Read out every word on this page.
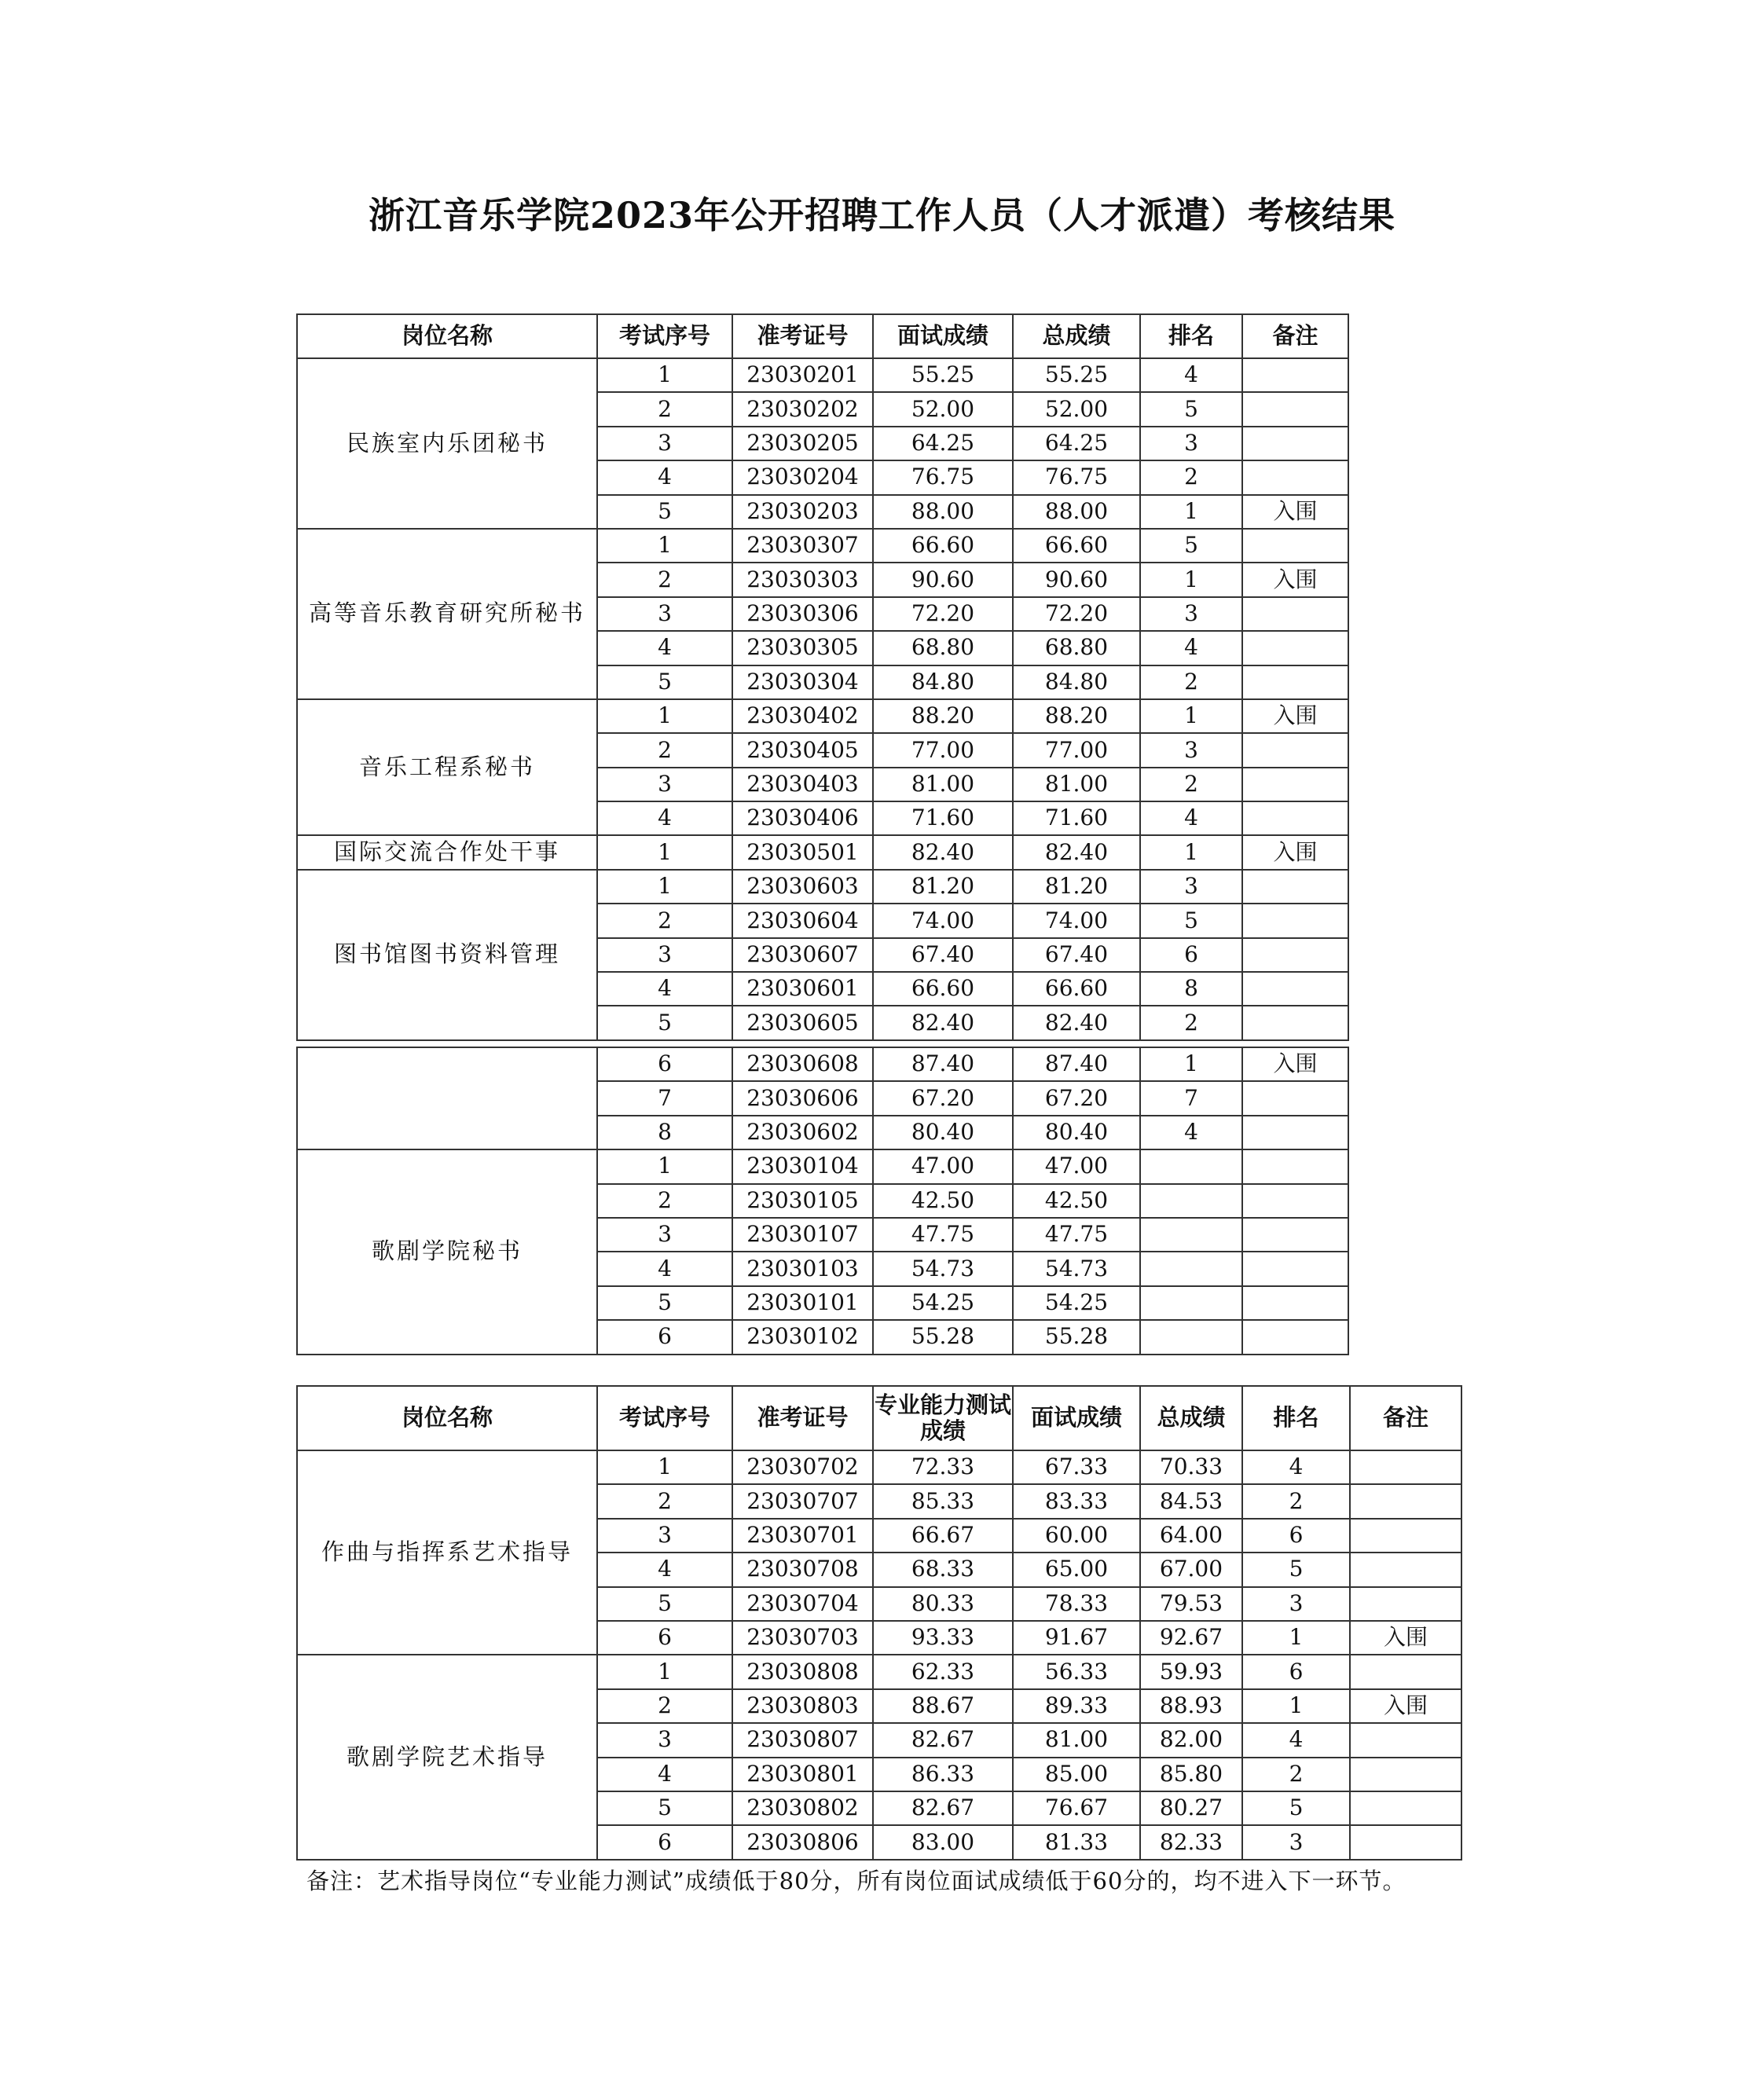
浙江音乐学院2023年公开招聘工作人员（人才派遣）考核结果
岗位名称	考试序号	准考证号	面试成绩	总成绩	排名	备注
民族室内乐团秘书	1	23030201	55.25	55.25	4	
	2	23030202	52.00	52.00	5	
	3	23030205	64.25	64.25	3	
	4	23030204	76.75	76.75	2	
	5	23030203	88.00	88.00	1	入围
高等音乐教育研究所秘书	1	23030307	66.60	66.60	5	
	2	23030303	90.60	90.60	1	入围
	3	23030306	72.20	72.20	3	
	4	23030305	68.80	68.80	4	
	5	23030304	84.80	84.80	2	
音乐工程系秘书	1	23030402	88.20	88.20	1	入围
	2	23030405	77.00	77.00	3	
	3	23030403	81.00	81.00	2	
	4	23030406	71.60	71.60	4	
国际交流合作处干事	1	23030501	82.40	82.40	1	入围
图书馆图书资料管理	1	23030603	81.20	81.20	3	
	2	23030604	74.00	74.00	5	
	3	23030607	67.40	67.40	6	
	4	23030601	66.60	66.60	8	
	5	23030605	82.40	82.40	2	
	6	23030608	87.40	87.40	1	入围
	7	23030606	67.20	67.20	7	
	8	23030602	80.40	80.40	4	
歌剧学院秘书	1	23030104	47.00	47.00		
	2	23030105	42.50	42.50		
	3	23030107	47.75	47.75		
	4	23030103	54.73	54.73		
	5	23030101	54.25	54.25		
	6	23030102	55.28	55.28		
岗位名称	考试序号	准考证号	专业能力测试成绩	面试成绩	总成绩	排名	备注
作曲与指挥系艺术指导	1	23030702	72.33	67.33	70.33	4	
	2	23030707	85.33	83.33	84.53	2	
	3	23030701	66.67	60.00	64.00	6	
	4	23030708	68.33	65.00	67.00	5	
	5	23030704	80.33	78.33	79.53	3	
	6	23030703	93.33	91.67	92.67	1	入围
歌剧学院艺术指导	1	23030808	62.33	56.33	59.93	6	
	2	23030803	88.67	89.33	88.93	1	入围
	3	23030807	82.67	81.00	82.00	4	
	4	23030801	86.33	85.00	85.80	2	
	5	23030802	82.67	76.67	80.27	5	
	6	23030806	83.00	81.33	82.33	3	
备注：艺术指导岗位“专业能力测试”成绩低于80分，所有岗位面试成绩低于60分的，均不进入下一环节。
